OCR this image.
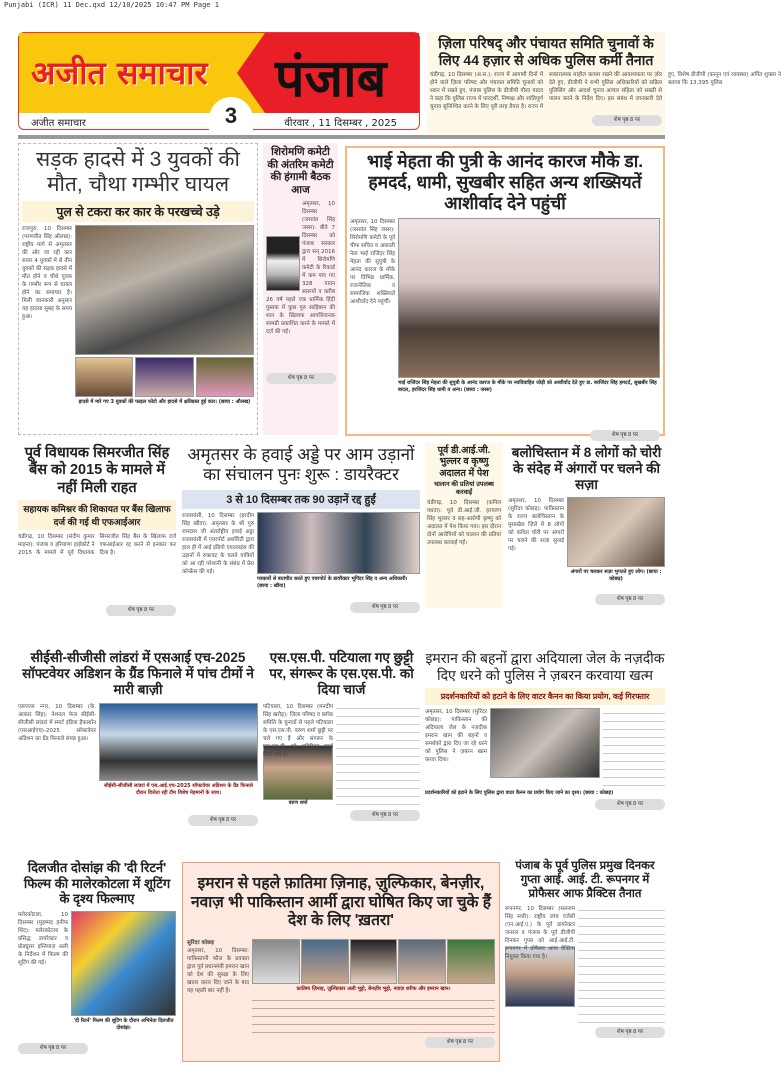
Punjabi (ICR) 11 Dec.qxd 12/10/2025 10:47 PM Page 1
अजीत समाचार पंजाब
3
अजीत समाचार	वीरवार , 11 दिसम्बर , 2025
ज़िला परिषद् और पंचायत समिति चुनावों के लिए 44 हज़ार से अधिक पुलिस कर्मी तैनात
चंडीगढ़, 10 दिसम्बर (अ.स.): राज्य में आगामी दिनों में होने वाले ज़िला परिषद और पंचायत समिति चुनावों को ध्यान में रखते हुए, पंजाब पुलिस के डीजीपी गौरव यादव ने कहा कि पुलिस राज्य में पारदर्शी, निष्पक्ष और शांतिपूर्ण चुनाव सुनिश्चित करने के लिए पूरी तरह तैयार है। राज्य में सकारात्मक माहौल कायम रखने की आवश्यकता पर ज़ोर देते हुए, डीजीपी ने सभी पुलिस अधिकारियों को सक्रिय पुलिसिंग और आदर्श चुनाव आचार संहिता को सख्ती से पालन करने के निर्देश दिए। इस संबंध में जानकारी देते हुए, विशेष डीजीपी (कानून एवं व्यवस्था) अर्पित शुक्ला ने बताया कि 13,395 पुलिस
शेष पृष्ठ 8 पर
सड़क हादसे में 3 युवकों की मौत, चौथा गम्भीर घायल
पुल से टकरा कर कार के परखच्चे उड़े
राजपुरा, 10 दिसम्बर (परमजीत सिंह औलख): राष्ट्रीय मार्ग से अमृतसर की ओर जा रही कार सवार 4 युवकों में से तीन युवकों की सड़क हादसे में मौत होने व चौथे युवक के गम्भीर रूप से घायल होने का समाचार है। मिली जानकारी अनुसार यह हादसा सुबह के समय हुआ।
हादसे में मारे गए 3 युवकों की फाइल फोटो और हादसे में क्षतिग्रस्त हुई कार। (छाया : औलख)
शिरोमणि कमेटी की अंतरिम कमेटी की हंगामी बैठक आज
अमृतसर, 10 दिसम्बर (जसवंत सिंह जस्स): बीते 7 दिसम्बर को पंजाब सरकार द्वारा सन् 2016 में शिरोमणि कमेटी के रिकार्ड में कम पाए गए 328 पावन स्वरूपों व करीब 26 वर्ष पहले एक धार्मिक हिंदी पुस्तक में कुछ गुरु साहिबान की शान के खिलाफ आपत्तिजनक सामग्री प्रकाशित करने के मामले में दर्ज़ की गई।
शेष पृष्ठ 8 पर
भाई मेहता की पुत्री के आनंद कारज मौके डा. हमदर्द, धामी, सुखबीर सहित अन्य शख्सियतें आशीर्वाद देने पहुंचीं
अमृतसर, 10 दिसम्बर (जसवंत सिंह जस्स): शिरोमणि कमेटी के पूर्व चीफ सचिव व अकाली नेता भाई राजिंदर सिंह मेहता की सुपुत्री के आनंद कारज के मौके पर विभिन्न धार्मिक, राजनीतिक व सामाजिक शख्सियतें आशीर्वाद देने पहुंचीं।
भाई राजिंदर सिंह मेहता की सुपुत्री के आनंद कारज के मौके पर नवविवाहित जोड़ी को आशीर्वाद देते हुए डा. बरजिंदर सिंह हमदर्द, सुखबीर सिंह बादल, हरजिंदर सिंह धामी व अन्य। (छाया : जस्स)
शेष पृष्ठ 8 पर
पूर्व विधायक सिमरजीत सिंह बैंस को 2015 के मामले में नहीं मिली राहत
सहायक कमिश्नर की शिकायत पर बैंस खिलाफ दर्ज की गई थी एफआईआर
चंडीगढ़, 10 दिसम्बर (संदीप कुमार माहना): पंजाब व हरियाणा हाईकोर्ट ने 2015 के मामले में पूर्व विधायक सिमरजीत सिंह बैंस के खिलाफ दर्ज एफआईआर रद्द करने से इनकार कर दिया है।
शेष पृष्ठ 8 पर
अमृतसर के हवाई अड्डे पर आम उड़ानों का संचालन पुनः शुरू : डायरैक्टर
3 से 10 दिसम्बर तक 90 उड़ानें रद्द हुईं
राजासांसी, 10 दिसम्बर (हरदीप सिंह खीवा): अमृतसर के श्री गुरु रामदास जी अंतर्राष्ट्रीय हवाई अड्डा राजासांसी में एयरपोर्ट अथॉरिटी द्वारा हाल ही में आई इंडिगो एयरलाइंस की उड़ानों में रुकावट के चलते यात्रियों को आ रही परेशानी के संबंध में प्रेस कॉन्फ्रेंस की गई।
पत्रकारों से बातचीत करते हुए एयरपोर्ट के डायरैक्टर भूपिंदर सिंह व अन्य अधिकारी। (छाया : खीवा)
शेष पृष्ठ 8 पर
पूर्व डी.आई.जी. भुल्लर व कृष्णु अदालत में पेश
चालान की प्रतियां उपलब्ध करवाईं
चंडीगढ़, 10 दिसम्बर (कपिल वधवा): पूर्व डी.आई.जी. हरचरण सिंह भुल्लर व सह-आरोपी कृष्णु को अदालत में पेश किया गया। इस दौरान दोनों आरोपियों को चालान की प्रतियां उपलब्ध करवाई गईं।
बलोचिस्तान में 8 लोगों को चोरी के संदेह में अंगारों पर चलने की सज़ा
अमृतसर, 10 दिसम्बर (सुरिंदर कोछड़): पाकिस्तान के राज्य बलोचिस्तान के मुसाखेल ज़िले में 8 लोगों को कथित चोरी पर अंगारों पर चलने की सज़ा सुनाई गई।
अंगारों पर चलकर सज़ा भुगतते हुए लोग। (छाया : कोछड़)
शेष पृष्ठ 8 पर
सीईसी-सीजीसी लांडरां में एसआई एच-2025 सॉफ्टवेयर अडिशन के ग्रैंड फिनाले में पांच टीमों ने मारी बाज़ी
एसएएस नगर, 10 दिसम्बर (के. आकार सिंह): नेशनल फेज सीईसी-सीजीसी लांडरां में स्मार्ट इंडिया हैकाथॉन (एसआईएच)-2025 सॉफ्टवेयर अडिशन का ग्रैंड फिनाले संपन्न हुआ।
सीईसी-सीजीसी लांडरां में एस.आई.एच-2025 सॉफ्टवेयर अडिशन के ग्रैंड फिनाले दौरान विजेता रही टीम विशेष मेहमानों के साथ।
शेष पृष्ठ 8 पर
एस.एस.पी. पटियाला गए छुट्टी पर, संगरूर के एस.एस.पी. को दिया चार्ज
पटियाला, 10 दिसम्बर (मनदीप सिंह खरौड़): ज़िला परिषद व ब्लॉक समिति के चुनावों से पहले पटियाला के एस.एस.पी. वरुण शर्मा छुट्टी पर चले गए हैं और संगरूर के एस.एस.पी. को अतिरिक्त चार्ज दिया गया है।
वरुण शर्मा
शेष पृष्ठ 8 पर
इमरान की बहनों द्वारा अदियाला जेल के नज़दीक दिए धरने को पुलिस ने ज़बरन करवाया खत्म
प्रदर्शनकारियों को हटाने के लिए वाटर कैनन का किया प्रयोग, कई गिरफ्तार
अमृतसर, 10 दिसम्बर (सुरिंदर कोछड़): पाकिस्तान की अदियाला जेल के नज़दीक इमरान खान की बहनों व समर्थकों द्वारा दिए जा रहे धरने को पुलिस ने ज़बरन खत्म करवा दिया।
प्रदर्शनकारियों को हटाने के लिए पुलिस द्वारा वाटर कैनन का प्रयोग किए जाने का दृश्य। (छाया : कोछड़)
शेष पृष्ठ 8 पर
दिलजीत दोसांझ की 'दी रिटर्न' फिल्म की मालेरकोटला में शूटिंग के दृश्य फिल्माए
मलेरकोटला, 10 दिसम्बर (मुहम्मद हनीफ थिंद): मलेरकोटला के प्रसिद्ध डायरैक्टर व प्रोड्यूसर इम्तियाज़ अली के निर्देशन में फिल्म की शूटिंग की गई।
'दी रिटर्न' फिल्म की शूटिंग के दौरान अभिनेता दिलजीत दोसांझ।
शेष पृष्ठ 8 पर
इमरान से पहले फ़ातिमा ज़िनाह, ज़ुल्फिकार, बेनज़ीर, नवाज़ भी पाकिस्तान आर्मी द्वारा घोषित किए जा चुके हैं देश के लिए 'ख़तरा'
सुरिंदर कोछड़
अमृतसर, 10 दिसम्बर: पाकिस्तानी फौज के प्रवक्ता द्वारा पूर्व प्रधानमंत्री इमरान खान को देश की सुरक्षा के लिए खतरा करार दिए जाने के बाद यह पहली बार नहीं है।	फ़ातिमा ज़िनाह, ज़ुल्फिकार अली भुट्टो, बेनज़ीर भुट्टो, नवाज़ शरीफ और इमरान खान।
शेष पृष्ठ 8 पर
पंजाब के पूर्व पुलिस प्रमुख दिनकर गुप्ता आई. आई. टी. रूपनगर में प्रोफैसर आफ प्रैक्टिस तैनात
रूपनगर, 10 दिसम्बर (सतनाम सिंह सत्ती): राष्ट्रीय जांच एजेंसी (एन.आई.ए.) के पूर्व डायरेक्टर जनरल व पंजाब के पूर्व डीजीपी दिनकर गुप्ता को आई.आई.टी. रूपनगर में प्रोफैसर आफ प्रैक्टिस नियुक्त किया गया है।
शेष पृष्ठ 8 पर
